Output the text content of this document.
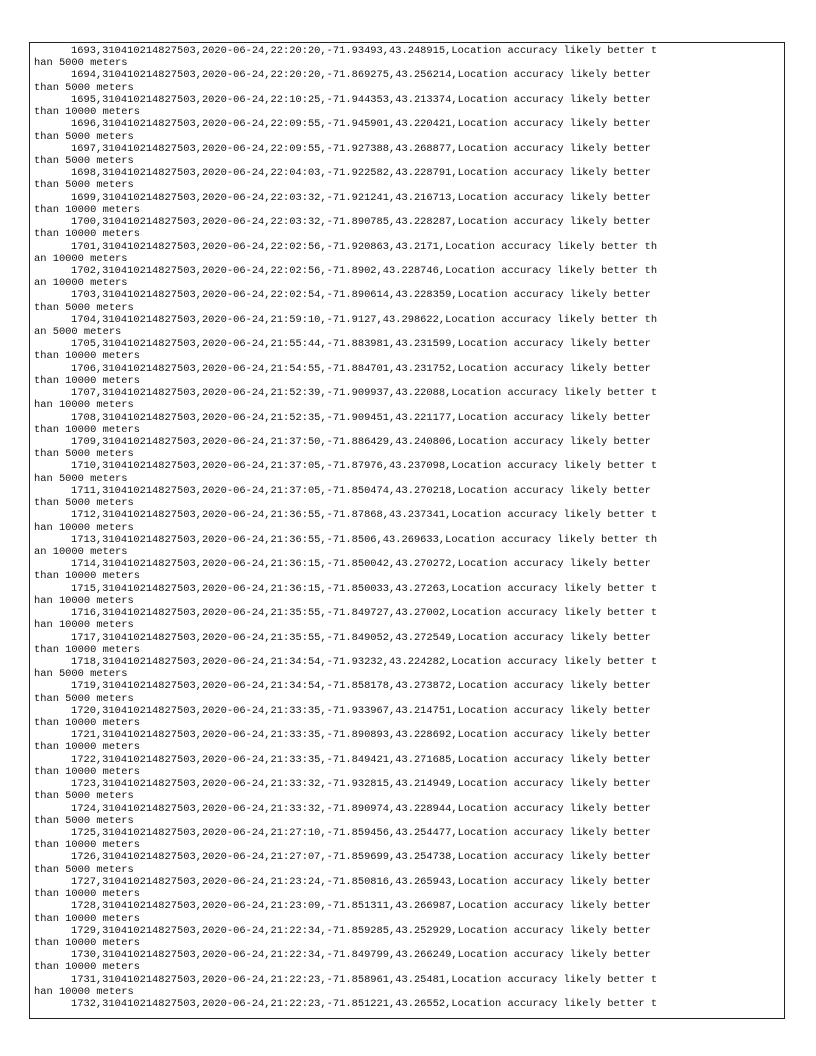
1693,310410214827503,2020-06-24,22:20:20,-71.93493,43.248915,Location accuracy likely better t
han 5000 meters
1694,310410214827503,2020-06-24,22:20:20,-71.869275,43.256214,Location accuracy likely better
than 5000 meters
1695,310410214827503,2020-06-24,22:10:25,-71.944353,43.213374,Location accuracy likely better
than 10000 meters
1696,310410214827503,2020-06-24,22:09:55,-71.945901,43.220421,Location accuracy likely better
than 5000 meters
1697,310410214827503,2020-06-24,22:09:55,-71.927388,43.268877,Location accuracy likely better
than 5000 meters
1698,310410214827503,2020-06-24,22:04:03,-71.922582,43.228791,Location accuracy likely better
than 5000 meters
1699,310410214827503,2020-06-24,22:03:32,-71.921241,43.216713,Location accuracy likely better
than 10000 meters
1700,310410214827503,2020-06-24,22:03:32,-71.890785,43.228287,Location accuracy likely better
than 10000 meters
1701,310410214827503,2020-06-24,22:02:56,-71.920863,43.2171,Location accuracy likely better th
an 10000 meters
1702,310410214827503,2020-06-24,22:02:56,-71.8902,43.228746,Location accuracy likely better th
an 10000 meters
1703,310410214827503,2020-06-24,22:02:54,-71.890614,43.228359,Location accuracy likely better
than 5000 meters
1704,310410214827503,2020-06-24,21:59:10,-71.9127,43.298622,Location accuracy likely better th
an 5000 meters
1705,310410214827503,2020-06-24,21:55:44,-71.883981,43.231599,Location accuracy likely better
than 10000 meters
1706,310410214827503,2020-06-24,21:54:55,-71.884701,43.231752,Location accuracy likely better
than 10000 meters
1707,310410214827503,2020-06-24,21:52:39,-71.909937,43.22088,Location accuracy likely better t
han 10000 meters
1708,310410214827503,2020-06-24,21:52:35,-71.909451,43.221177,Location accuracy likely better
than 10000 meters
1709,310410214827503,2020-06-24,21:37:50,-71.886429,43.240806,Location accuracy likely better
than 5000 meters
1710,310410214827503,2020-06-24,21:37:05,-71.87976,43.237098,Location accuracy likely better t
han 5000 meters
1711,310410214827503,2020-06-24,21:37:05,-71.850474,43.270218,Location accuracy likely better
than 5000 meters
1712,310410214827503,2020-06-24,21:36:55,-71.87868,43.237341,Location accuracy likely better t
han 10000 meters
1713,310410214827503,2020-06-24,21:36:55,-71.8506,43.269633,Location accuracy likely better th
an 10000 meters
1714,310410214827503,2020-06-24,21:36:15,-71.850042,43.270272,Location accuracy likely better
than 10000 meters
1715,310410214827503,2020-06-24,21:36:15,-71.850033,43.27263,Location accuracy likely better t
han 10000 meters
1716,310410214827503,2020-06-24,21:35:55,-71.849727,43.27002,Location accuracy likely better t
han 10000 meters
1717,310410214827503,2020-06-24,21:35:55,-71.849052,43.272549,Location accuracy likely better
than 10000 meters
1718,310410214827503,2020-06-24,21:34:54,-71.93232,43.224282,Location accuracy likely better t
han 5000 meters
1719,310410214827503,2020-06-24,21:34:54,-71.858178,43.273872,Location accuracy likely better
than 5000 meters
1720,310410214827503,2020-06-24,21:33:35,-71.933967,43.214751,Location accuracy likely better
than 10000 meters
1721,310410214827503,2020-06-24,21:33:35,-71.890893,43.228692,Location accuracy likely better
than 10000 meters
1722,310410214827503,2020-06-24,21:33:35,-71.849421,43.271685,Location accuracy likely better
than 10000 meters
1723,310410214827503,2020-06-24,21:33:32,-71.932815,43.214949,Location accuracy likely better
than 5000 meters
1724,310410214827503,2020-06-24,21:33:32,-71.890974,43.228944,Location accuracy likely better
than 5000 meters
1725,310410214827503,2020-06-24,21:27:10,-71.859456,43.254477,Location accuracy likely better
than 10000 meters
1726,310410214827503,2020-06-24,21:27:07,-71.859699,43.254738,Location accuracy likely better
than 5000 meters
1727,310410214827503,2020-06-24,21:23:24,-71.850816,43.265943,Location accuracy likely better
than 10000 meters
1728,310410214827503,2020-06-24,21:23:09,-71.851311,43.266987,Location accuracy likely better
than 10000 meters
1729,310410214827503,2020-06-24,21:22:34,-71.859285,43.252929,Location accuracy likely better
than 10000 meters
1730,310410214827503,2020-06-24,21:22:34,-71.849799,43.266249,Location accuracy likely better
than 10000 meters
1731,310410214827503,2020-06-24,21:22:23,-71.858961,43.25481,Location accuracy likely better t
han 10000 meters
1732,310410214827503,2020-06-24,21:22:23,-71.851221,43.26552,Location accuracy likely better t
